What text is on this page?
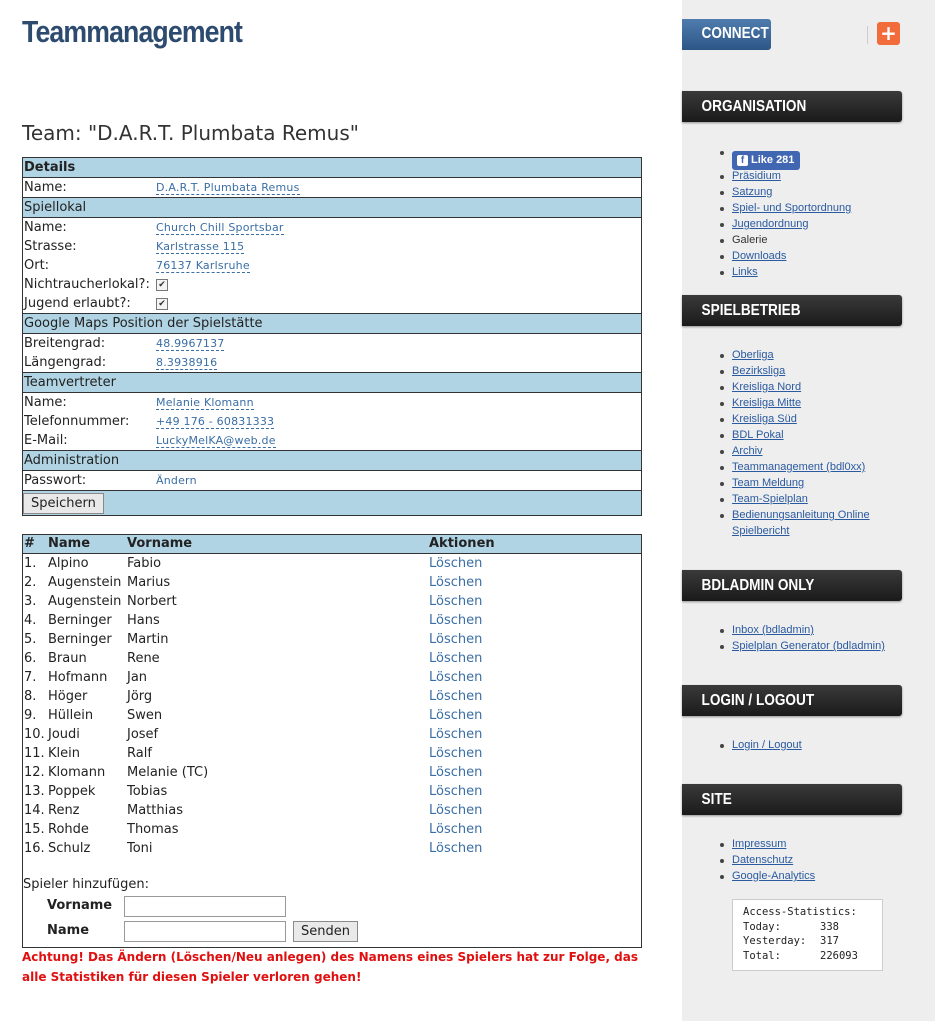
Teammanagement
Team: "D.A.R.T. Plumbata Remus"
Details	
Name:	D.A.R.T. Plumbata Remus
Spiellokal	
Name:	Church Chill Sportsbar
Strasse:	Karlstrasse 115
Ort:	76137 Karlsruhe
Nichtraucherlokal?:	✔
Jugend erlaubt?:	✔
Google Maps Position der Spielstätte	
Breitengrad:	48.9967137
Längengrad:	8.3938916
Teamvertreter	
Name:	Melanie Klomann
Telefonnummer:	+49 176 - 60831333
E-Mail:	LuckyMelKA@web.de
Administration	
Passwort:	Ändern
Speichern	
#	Name	Vorname	Aktionen
1.	Alpino	Fabio	Löschen
2.	Augenstein	Marius	Löschen
3.	Augenstein	Norbert	Löschen
4.	Berninger	Hans	Löschen
5.	Berninger	Martin	Löschen
6.	Braun	Rene	Löschen
7.	Hofmann	Jan	Löschen
8.	Höger	Jörg	Löschen
9.	Hüllein	Swen	Löschen
10.	Joudi	Josef	Löschen
11.	Klein	Ralf	Löschen
12.	Klomann	Melanie (TC)	Löschen
13.	Poppek	Tobias	Löschen
14.	Renz	Matthias	Löschen
15.	Rohde	Thomas	Löschen
16.	Schulz	Toni	Löschen
Spieler hinzufügen:
Vorname
Name	Senden
Achtung! Das Ändern (Löschen/Neu anlegen) des Namens eines Spielers hat zur Folge, das alle Statistiken für diesen Spieler verloren gehen!
CONNECT	+
ORGANISATION
f Like 281
Präsidium
Satzung
Spiel- und Sportordnung
Jugendordnung
Galerie
Downloads
Links
SPIELBETRIEB
Oberliga
Bezirksliga
Kreisliga Nord
Kreisliga Mitte
Kreisliga Süd
BDL Pokal
Archiv
Teammanagement (bdl0xx)
Team Meldung
Team-Spielplan
Bedienungsanleitung Online Spielbericht
BDLADMIN ONLY
Inbox (bdladmin)
Spielplan Generator (bdladmin)
LOGIN / LOGOUT
Login / Logout
SITE
Impressum
Datenschutz
Google-Analytics
Access-Statistics:
Today:	338
Yesterday: 317
Total:	226093
